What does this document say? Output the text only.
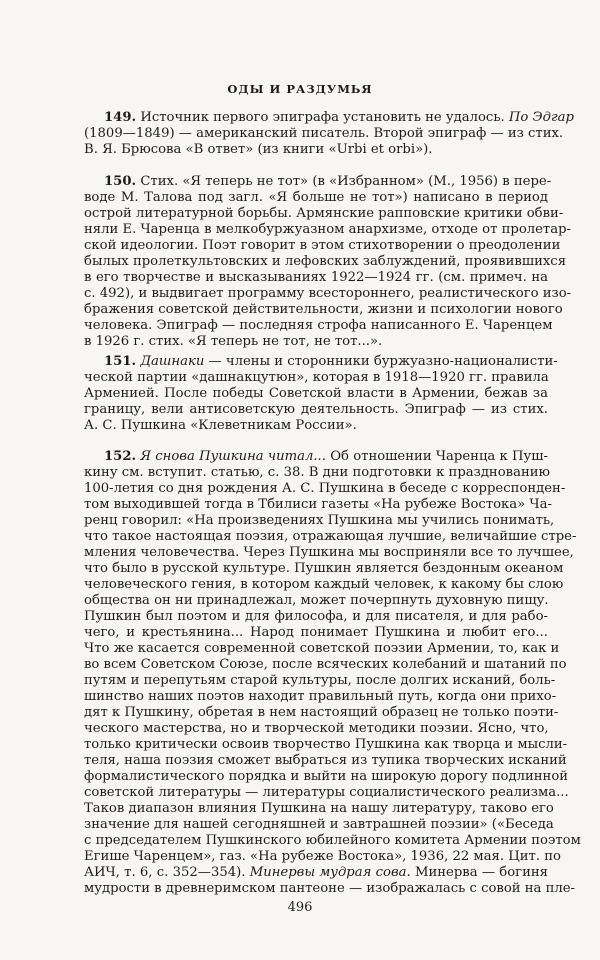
ОДЫ И РАЗДУМЬЯ
149. Источник первого эпиграфа установить не удалось. По Эдгар
(1809—1849) — американский писатель. Второй эпиграф — из стих.
В. Я. Брюсова «В ответ» (из книги «Urbi et orbi»).
150. Стих. «Я теперь не тот» (в «Избранном» (М., 1956) в пере-
воде М. Талова под загл. «Я больше не тот») написано в период
острой литературной борьбы. Армянские рапповские критики обви-
няли Е. Чаренца в мелкобуржуазном анархизме, отходе от пролетар-
ской идеологии. Поэт говорит в этом стихотворении о преодолении
былых пролеткультовских и лефовских заблуждений, проявившихся
в его творчестве и высказываниях 1922—1924 гг. (см. примеч. на
с. 492), и выдвигает программу всестороннего, реалистического изо-
бражения советской действительности, жизни и психологии нового
человека. Эпиграф — последняя строфа написанного Е. Чаренцем
в 1926 г. стих. «Я теперь не тот, не тот...».
151. Дашнаки — члены и сторонники буржуазно-националисти-
ческой партии «дашнакцутюн», которая в 1918—1920 гг. правила
Арменией. После победы Советской власти в Армении, бежав за
границу, вели антисоветскую деятельность. Эпиграф — из стих.
А. С. Пушкина «Клеветникам России».
152. Я снова Пушкина читал... Об отношении Чаренца к Пуш-
кину см. вступит. статью, с. 38. В дни подготовки к празднованию
100-летия со дня рождения А. С. Пушкина в беседе с корреспонден-
том выходившей тогда в Тбилиси газеты «На рубеже Востока» Ча-
ренц говорил: «На произведениях Пушкина мы учились понимать,
что такое настоящая поэзия, отражающая лучшие, величайшие стре-
мления человечества. Через Пушкина мы восприняли все то лучшее,
что было в русской культуре. Пушкин является бездонным океаном
человеческого гения, в котором каждый человек, к какому бы слою
общества он ни принадлежал, может почерпнуть духовную пищу.
Пушкин был поэтом и для философа, и для писателя, и для рабо-
чего, и крестьянина... Народ понимает Пушкина и любит его...
Что же касается современной советской поэзии Армении, то, как и
во всем Советском Союзе, после всяческих колебаний и шатаний по
путям и перепутьям старой культуры, после долгих исканий, боль-
шинство наших поэтов находит правильный путь, когда они прихо-
дят к Пушкину, обретая в нем настоящий образец не только поэти-
ческого мастерства, но и творческой методики поэзии. Ясно, что,
только критически освоив творчество Пушкина как творца и мысли-
теля, наша поэзия сможет выбраться из тупика творческих исканий
формалистического порядка и выйти на широкую дорогу подлинной
советской литературы — литературы социалистического реализма...
Таков диапазон влияния Пушкина на нашу литературу, таково его
значение для нашей сегодняшней и завтрашней поэзии» («Беседа
с председателем Пушкинского юбилейного комитета Армении поэтом
Егише Чаренцем», газ. «На рубеже Востока», 1936, 22 мая. Цит. по
АИЧ, т. 6, с. 352—354). Минервы мудрая сова. Минерва — богиня
мудрости в древнеримском пантеоне — изображалась с совой на пле-
496
